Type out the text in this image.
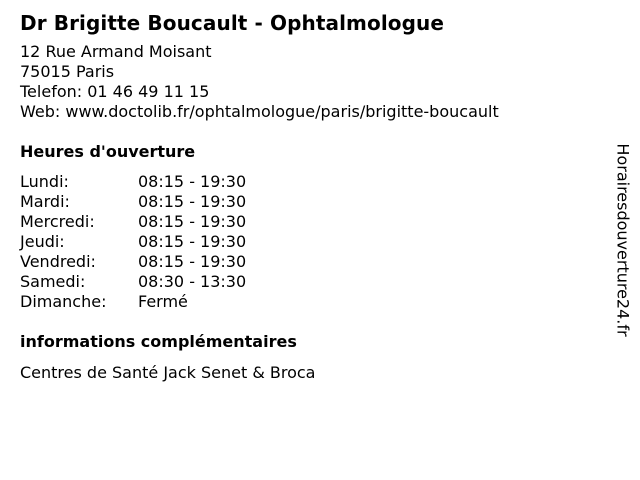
Dr Brigitte Boucault - Ophtalmologue
12 Rue Armand Moisant
75015 Paris
Telefon: 01 46 49 11 15
Web: www.doctolib.fr/ophtalmologue/paris/brigitte-boucault
Heures d'ouverture
Lundi:	08:15 - 19:30
Mardi:	08:15 - 19:30
Mercredi:	08:15 - 19:30
Jeudi:	08:15 - 19:30
Vendredi:	08:15 - 19:30
Samedi:	08:30 - 13:30
Dimanche:	Fermé
informations complémentaires
Centres de Santé Jack Senet & Broca
Horairesdouverture24.fr
